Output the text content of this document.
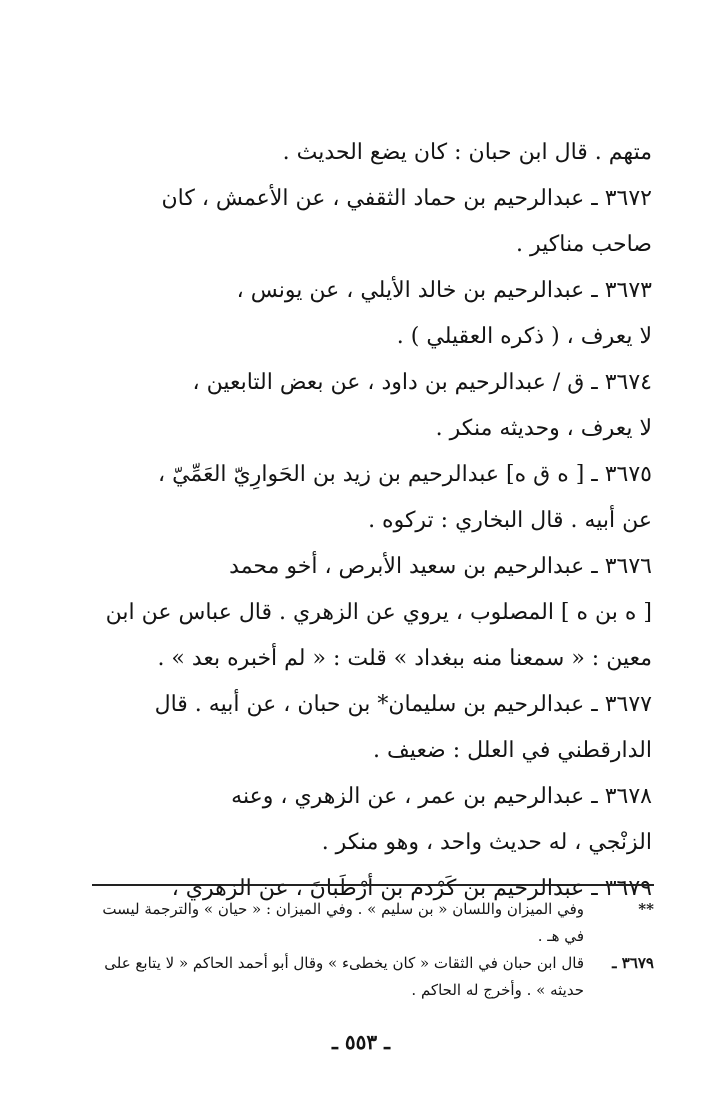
متهم . قال ابن حبان : كان يضع الحديث .
٣٦٧٢ ـ عبدالرحيم بن حماد الثقفي ، عن الأعمش ، كان
صاحب مناكير .
٣٦٧٣ ـ عبدالرحيم بن خالد الأيلي ، عن يونس ،
لا يعرف ، ( ذكره العقيلي ) .
٣٦٧٤ ـ ق / عبدالرحيم بن داود ، عن بعض التابعين ،
لا يعرف ، وحديثه منكر .
٣٦٧٥ ـ [ ه ق ه] عبدالرحيم بن زيد بن الحَوارِيّ العَمِّيّ ،
عن أبيه . قال البخاري : تركوه .
٣٦٧٦ ـ عبدالرحيم بن سعيد الأبرص ، أخو محمد
[ ه بن ه ] المصلوب ، يروي عن الزهري . قال عباس عن ابن
معين : « سمعنا منه ببغداد » قلت : « لم أخبره بعد » .
٣٦٧٧ ـ عبدالرحيم بن سليمان* بن حبان ، عن أبيه . قال
الدارقطني في العلل : ضعيف .
٣٦٧٨ ـ عبدالرحيم بن عمر ، عن الزهري ، وعنه
الزنْجي ، له حديث واحد ، وهو منكر .
٣٦٧٩ ـ عبدالرحيم بن كَرْدم بن أرْطَبانَ ، عن الزهري ،
**
وفي الميزان واللسان « بن سليم » . وفي الميزان : « حيان » والترجمة ليست في هـ .
٣٦٧٩ ـ
قال ابن حبان في الثقات « كان يخطىء » وقال أبو أحمد الحاكم « لا يتابع على حديثه » . وأخرج له الحاكم .
ـ ٥٥٣ ـ
